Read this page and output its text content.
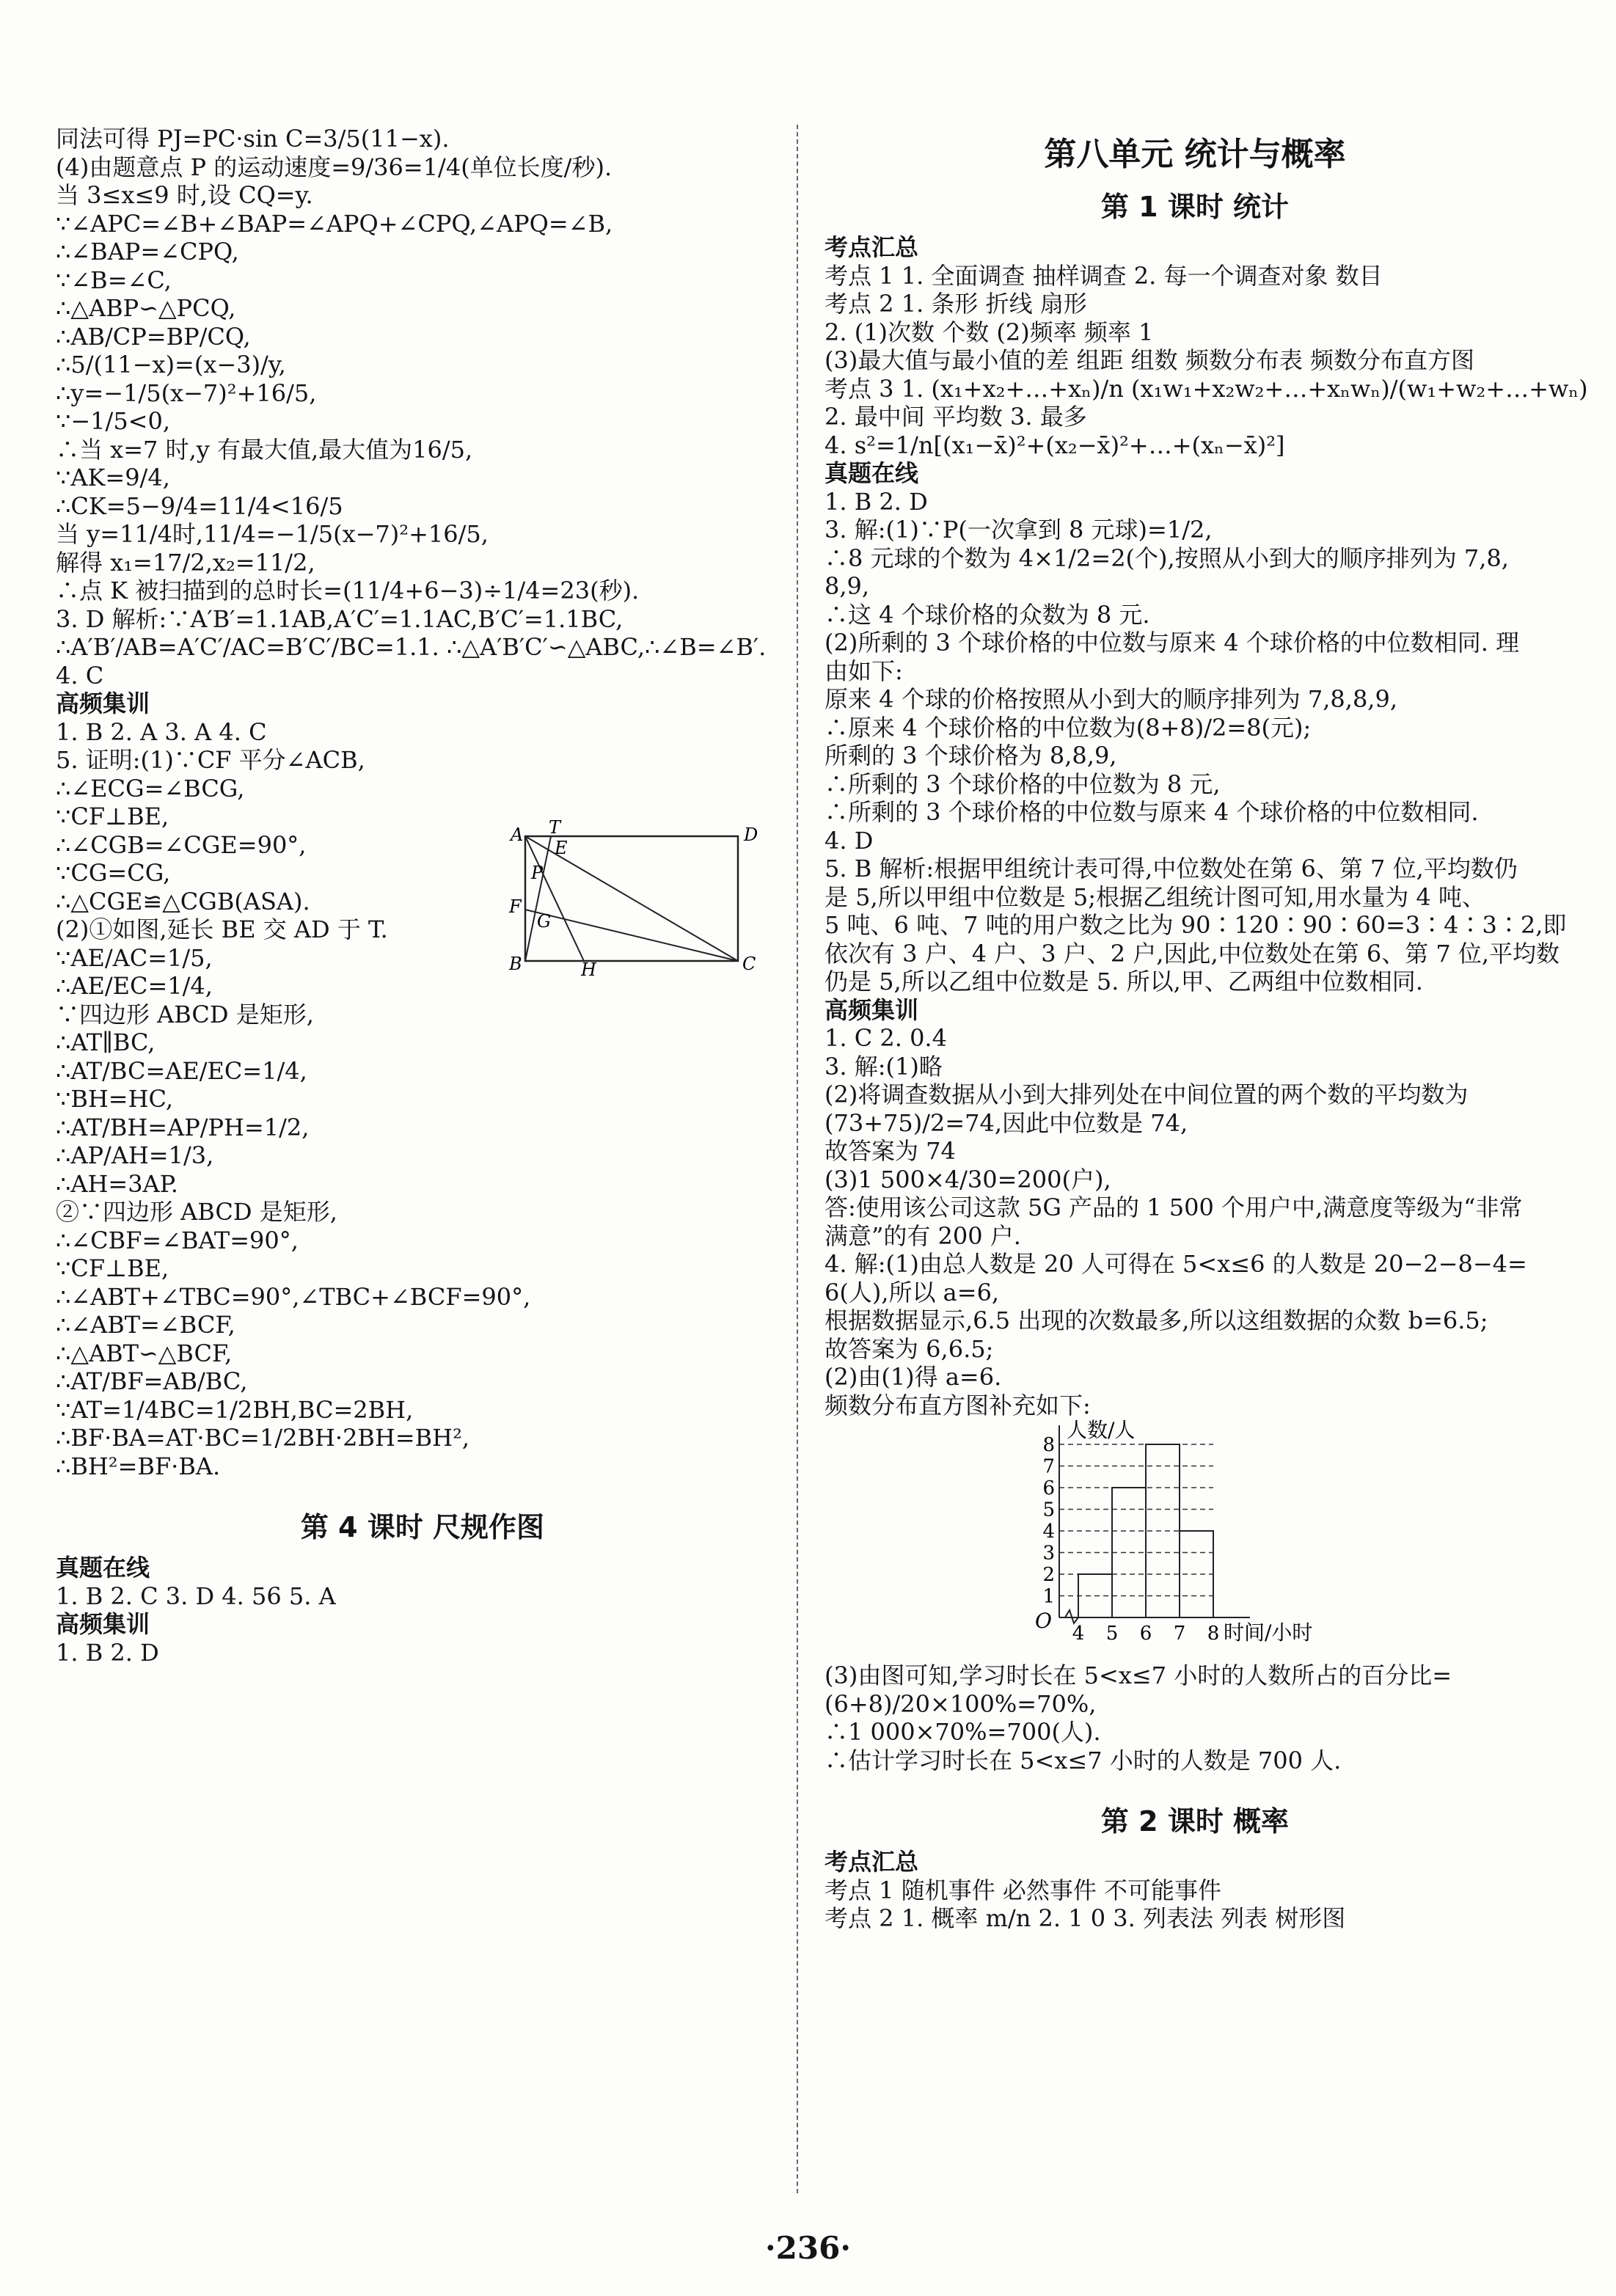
同法可得 PJ=PC·sin C=3/5(11−x).
(4)由题意点 P 的运动速度=9/36=1/4(单位长度/秒).
当 3≤x≤9 时,设 CQ=y.
∵∠APC=∠B+∠BAP=∠APQ+∠CPQ,∠APQ=∠B,
∴∠BAP=∠CPQ,
∵∠B=∠C,
∴△ABP∽△PCQ,
∴AB/CP=BP/CQ,
∴5/(11−x)=(x−3)/y,
∴y=−1/5(x−7)²+16/5,
∵−1/5<0,
∴当 x=7 时,y 有最大值,最大值为16/5,
∵AK=9/4,
∴CK=5−9/4=11/4<16/5
当 y=11/4时,11/4=−1/5(x−7)²+16/5,
解得 x₁=17/2,x₂=11/2,
∴点 K 被扫描到的总时长=(11/4+6−3)÷1/4=23(秒).
3. D 解析:∵A′B′=1.1AB,A′C′=1.1AC,B′C′=1.1BC,
∴A′B′/AB=A′C′/AC=B′C′/BC=1.1. ∴△A′B′C′∽△ABC,∴∠B=∠B′.
4. C
高频集训
1. B 2. A 3. A 4. C
5. 证明:(1)∵CF 平分∠ACB,
∴∠ECG=∠BCG,
∵CF⊥BE,
∴∠CGB=∠CGE=90°,
∵CG=CG,
∴△CGE≌△CGB(ASA).
(2)①如图,延长 BE 交 AD 于 T.
∵AE/AC=1/5,
∴AE/EC=1/4,
∵四边形 ABCD 是矩形,
∴AT∥BC,
∴AT/BC=AE/EC=1/4,
∵BH=HC,
∴AT/BH=AP/PH=1/2,
∴AP/AH=1/3,
∴AH=3AP.
②∵四边形 ABCD 是矩形,
∴∠CBF=∠BAT=90°,
∵CF⊥BE,
∴∠ABT+∠TBC=90°,∠TBC+∠BCF=90°,
∴∠ABT=∠BCF,
∴△ABT∽△BCF,
∴AT/BF=AB/BC,
∵AT=1/4BC=1/2BH,BC=2BH,
∴BF·BA=AT·BC=1/2BH·2BH=BH²,
∴BH²=BF·BA.
A T
E
D
P
F
G
B	H	C
第 4 课时 尺规作图
真题在线
1. B 2. C 3. D 4. 56 5. A
高频集训
1. B 2. D
第八单元 统计与概率
第 1 课时 统计
考点汇总
考点 1 1. 全面调查 抽样调查 2. 每一个调查对象 数目
考点 2 1. 条形 折线 扇形
2. (1)次数 个数 (2)频率 频率 1
(3)最大值与最小值的差 组距 组数 频数分布表 频数分布直方图
考点 3 1. (x₁+x₂+…+xₙ)/n (x₁w₁+x₂w₂+…+xₙwₙ)/(w₁+w₂+…+wₙ)
2. 最中间 平均数 3. 最多
4. s²=1/n[(x₁−x̄)²+(x₂−x̄)²+…+(xₙ−x̄)²]
真题在线
1. B 2. D
3. 解:(1)∵P(一次拿到 8 元球)=1/2,
∴8 元球的个数为 4×1/2=2(个),按照从小到大的顺序排列为 7,8,
8,9,
∴这 4 个球价格的众数为 8 元.
(2)所剩的 3 个球价格的中位数与原来 4 个球价格的中位数相同. 理
由如下:
原来 4 个球的价格按照从小到大的顺序排列为 7,8,8,9,
∴原来 4 个球价格的中位数为(8+8)/2=8(元);
所剩的 3 个球价格为 8,8,9,
∴所剩的 3 个球价格的中位数为 8 元,
∴所剩的 3 个球价格的中位数与原来 4 个球价格的中位数相同.
4. D
5. B 解析:根据甲组统计表可得,中位数处在第 6、第 7 位,平均数仍
是 5,所以甲组中位数是 5;根据乙组统计图可知,用水量为 4 吨、
5 吨、6 吨、7 吨的用户数之比为 90∶120∶90∶60=3∶4∶3∶2,即
依次有 3 户、4 户、3 户、2 户,因此,中位数处在第 6、第 7 位,平均数
仍是 5,所以乙组中位数是 5. 所以,甲、乙两组中位数相同.
高频集训
1. C 2. 0.4
3. 解:(1)略
(2)将调查数据从小到大排列处在中间位置的两个数的平均数为
(73+75)/2=74,因此中位数是 74,
故答案为 74
(3)1 500×4/30=200(户),
答:使用该公司这款 5G 产品的 1 500 个用户中,满意度等级为“非常
满意”的有 200 户.
4. 解:(1)由总人数是 20 人可得在 5<x≤6 的人数是 20−2−8−4=
6(人),所以 a=6,
根据数据显示,6.5 出现的次数最多,所以这组数据的众数 b=6.5;
故答案为 6,6.5;
(2)由(1)得 a=6.
频数分布直方图补充如下:
1
2
3
4
5
6
7
8
4 5 6 7 8
O
人数/人
时间/小时
(3)由图可知,学习时长在 5<x≤7 小时的人数所占的百分比=
(6+8)/20×100%=70%,
∴1 000×70%=700(人).
∴估计学习时长在 5<x≤7 小时的人数是 700 人.
第 2 课时 概率
考点汇总
考点 1 随机事件 必然事件 不可能事件
考点 2 1. 概率 m/n 2. 1 0 3. 列表法 列表 树形图
·236·
